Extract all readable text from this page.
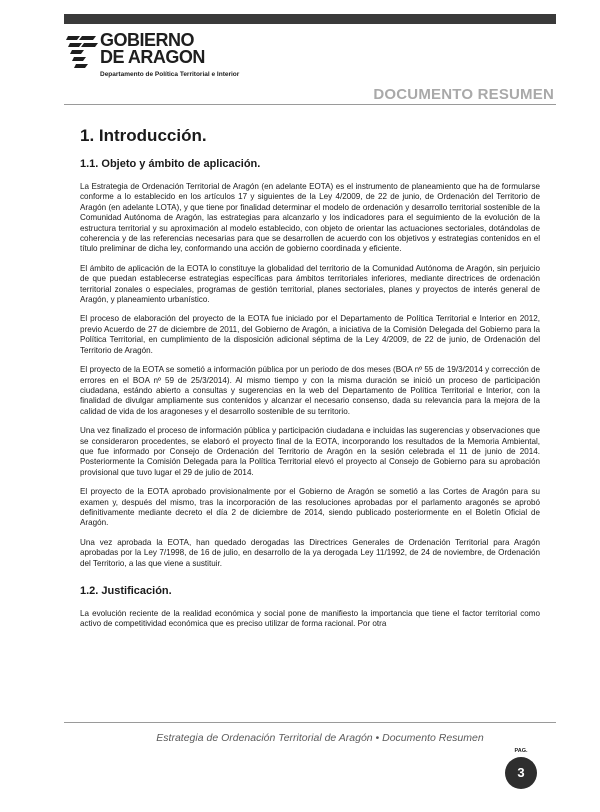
GOBIERNO
DE ARAGON
Departamento de Política Territorial e Interior
DOCUMENTO RESUMEN
1. Introducción.
1.1. Objeto y ámbito de aplicación.

La Estrategia de Ordenación Territorial de Aragón (en adelante EOTA) es el instrumento de planeamiento que ha de formularse conforme a lo establecido en los artículos 17 y siguientes de la Ley 4/2009, de 22 de junio, de Ordenación del Territorio de Aragón (en adelante LOTA), y que tiene por finalidad determinar el modelo de ordenación y desarrollo territorial sostenible de la Comunidad Autónoma de Aragón, las estrategias para alcanzarlo y los indicadores para el seguimiento de la evolución de la estructura territorial y su aproximación al modelo establecido, con objeto de orientar las actuaciones sectoriales, dotándolas de coherencia y de las referencias necesarias para que se desarrollen de acuerdo con los objetivos y estrategias contenidos en el título preliminar de dicha ley, conformando una acción de gobierno coordinada y eficiente.

El ámbito de aplicación de la EOTA lo constituye la globalidad del territorio de la Comunidad Autónoma de Aragón, sin perjuicio de que puedan establecerse estrategias específicas para ámbitos territoriales inferiores, mediante directrices de ordenación territorial zonales o especiales, programas de gestión territorial, planes sectoriales, planes y proyectos de interés general de Aragón, y planeamiento urbanístico.

El proceso de elaboración del proyecto de la EOTA fue iniciado por el Departamento de Política Territorial e Interior en 2012, previo Acuerdo de 27 de diciembre de 2011, del Gobierno de Aragón, a iniciativa de la Comisión Delegada del Gobierno para la Política Territorial, en cumplimiento de la disposición adicional séptima de la Ley 4/2009, de 22 de junio, de Ordenación del Territorio de Aragón.

El proyecto de la EOTA se sometió a información pública por un periodo de dos meses (BOA nº 55 de 19/3/2014 y corrección de errores en el BOA nº 59 de 25/3/2014). Al mismo tiempo y con la misma duración se inició un proceso de participación ciudadana, estándo abierto a consultas y sugerencias en la web del Departamento de Política Territorial e Interior, con la finalidad de divulgar ampliamente sus contenidos y alcanzar el necesario consenso, dada su relevancia para la mejora de la calidad de vida de los aragoneses y el desarrollo sostenible de su territorio.

Una vez finalizado el proceso de información pública y participación ciudadana e incluidas las sugerencias y observaciones que se consideraron procedentes, se elaboró el proyecto final de la EOTA, incorporando los resultados de la Memoria Ambiental, que fue informado por Consejo de Ordenación del Territorio de Aragón en la sesión celebrada el 11 de junio de 2014. Posteriormente la Comisión Delegada para la Política Territorial elevó el proyecto al Consejo de Gobierno para su aprobación provisional que tuvo lugar el 29 de julio de 2014.

El proyecto de la EOTA aprobado provisionalmente por el Gobierno de Aragón se sometió a las Cortes de Aragón para su examen y, después del mismo, tras la incorporación de las resoluciones aprobadas por el parlamento aragonés se aprobó definitivamente mediante decreto el día 2 de diciembre de 2014, siendo publicado posteriormente en el Boletín Oficial de Aragón.

Una vez aprobada la EOTA, han quedado derogadas las Directrices Generales de Ordenación Territorial para Aragón aprobadas por la Ley 7/1998, de 16 de julio, en desarrollo de la ya derogada Ley 11/1992, de 24 de noviembre, de Ordenación del Territorio, a las que viene a sustituir.

1.2. Justificación.

La evolución reciente de la realidad económica y social pone de manifiesto la importancia que tiene el factor territorial como activo de competitividad económica que es preciso utilizar de forma racional. Por otra

Estrategia de Ordenación Territorial de Aragón • Documento Resumen
PAG.
3
